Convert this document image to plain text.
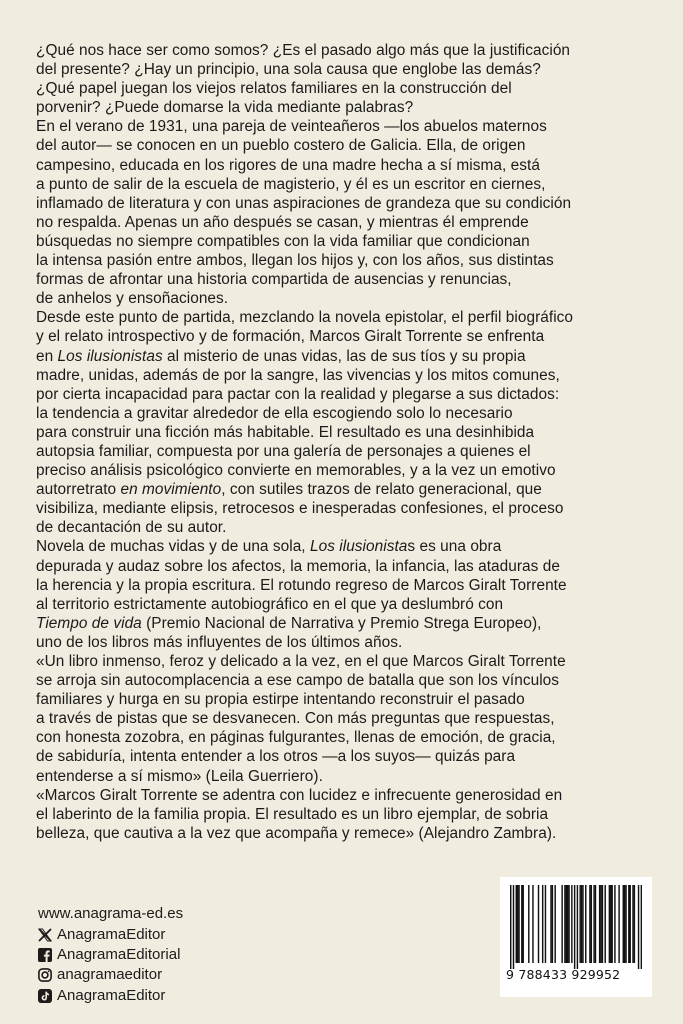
¿Qué nos hace ser como somos? ¿Es el pasado algo más que la justificación
del presente? ¿Hay un principio, una sola causa que englobe las demás?
¿Qué papel juegan los viejos relatos familiares en la construcción del
porvenir? ¿Puede domarse la vida mediante palabras?
En el verano de 1931, una pareja de veinteañeros —los abuelos maternos
del autor— se conocen en un pueblo costero de Galicia. Ella, de origen
campesino, educada en los rigores de una madre hecha a sí misma, está
a punto de salir de la escuela de magisterio, y él es un escritor en ciernes,
inflamado de literatura y con unas aspiraciones de grandeza que su condición
no respalda. Apenas un año después se casan, y mientras él emprende
búsquedas no siempre compatibles con la vida familiar que condicionan
la intensa pasión entre ambos, llegan los hijos y, con los años, sus distintas
formas de afrontar una historia compartida de ausencias y renuncias,
de anhelos y ensoñaciones.
Desde este punto de partida, mezclando la novela epistolar, el perfil biográfico
y el relato introspectivo y de formación, Marcos Giralt Torrente se enfrenta
en Los ilusionistas al misterio de unas vidas, las de sus tíos y su propia
madre, unidas, además de por la sangre, las vivencias y los mitos comunes,
por cierta incapacidad para pactar con la realidad y plegarse a sus dictados:
la tendencia a gravitar alrededor de ella escogiendo solo lo necesario
para construir una ficción más habitable. El resultado es una desinhibida
autopsia familiar, compuesta por una galería de personajes a quienes el
preciso análisis psicológico convierte en memorables, y a la vez un emotivo
autorretrato en movimiento, con sutiles trazos de relato generacional, que
visibiliza, mediante elipsis, retrocesos e inesperadas confesiones, el proceso
de decantación de su autor.
Novela de muchas vidas y de una sola, Los ilusionistas es una obra
depurada y audaz sobre los afectos, la memoria, la infancia, las ataduras de
la herencia y la propia escritura. El rotundo regreso de Marcos Giralt Torrente
al territorio estrictamente autobiográfico en el que ya deslumbró con
Tiempo de vida (Premio Nacional de Narrativa y Premio Strega Europeo),
uno de los libros más influyentes de los últimos años.
«Un libro inmenso, feroz y delicado a la vez, en el que Marcos Giralt Torrente
se arroja sin autocomplacencia a ese campo de batalla que son los vínculos
familiares y hurga en su propia estirpe intentando reconstruir el pasado
a través de pistas que se desvanecen. Con más preguntas que respuestas,
con honesta zozobra, en páginas fulgurantes, llenas de emoción, de gracia,
de sabiduría, intenta entender a los otros —a los suyos— quizás para
entenderse a sí mismo» (Leila Guerriero).
«Marcos Giralt Torrente se adentra con lucidez e infrecuente generosidad en
el laberinto de la familia propia. El resultado es un libro ejemplar, de sobria
belleza, que cautiva a la vez que acompaña y remece» (Alejandro Zambra).
www.anagrama-ed.es
AnagramaEditor
AnagramaEditorial
anagramaeditor
AnagramaEditor
9 788433 929952
